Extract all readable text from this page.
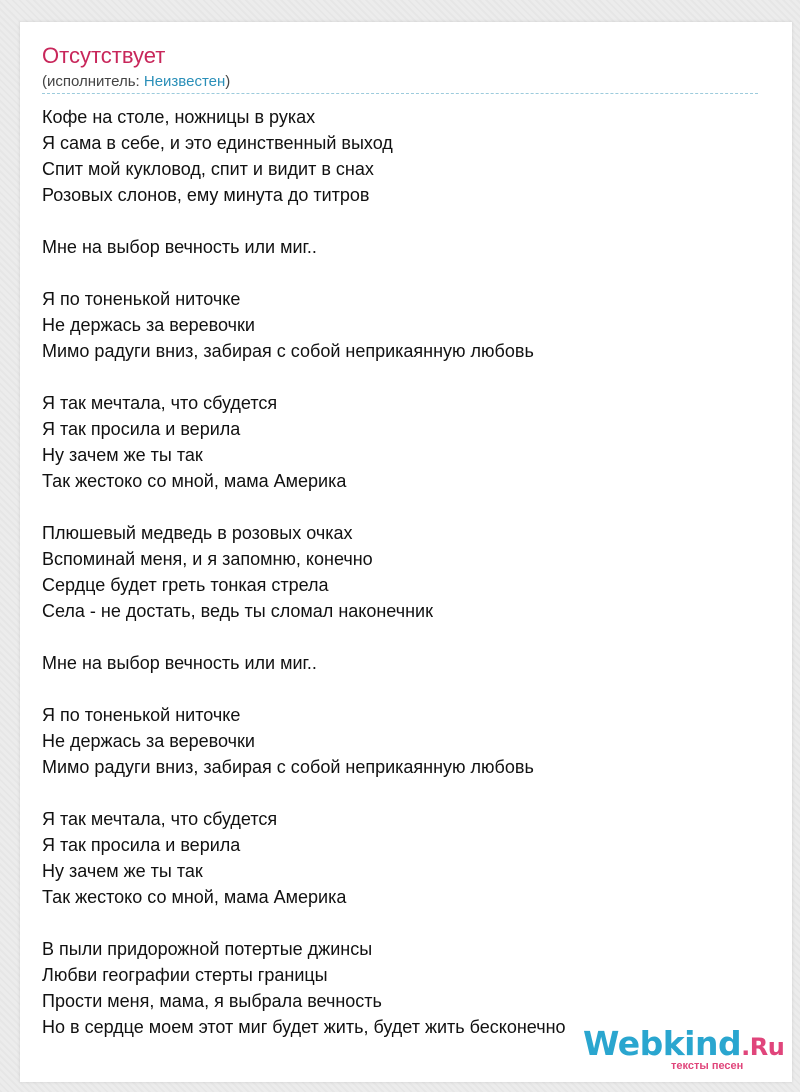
Отсутствует
(исполнитель: Неизвестен)
Кофе на столе, ножницы в руках
Я сама в себе, и это единственный выход
Спит мой кукловод, спит и видит в снах
Розовых слонов, ему минута до титров
Мне на выбор вечность или миг..
Я по тоненькой ниточке
Не держась за веревочки
Мимо радуги вниз, забирая с собой неприкаянную любовь
Я так мечтала, что сбудется
Я так просила и верила
Ну зачем же ты так
Так жестоко со мной, мама Америка
Плюшевый медведь в розовых очках
Вспоминай меня, и я запомню, конечно
Сердце будет греть тонкая стрела
Села - не достать, ведь ты сломал наконечник
Мне на выбор вечность или миг..
Я по тоненькой ниточке
Не держась за веревочки
Мимо радуги вниз, забирая с собой неприкаянную любовь
Я так мечтала, что сбудется
Я так просила и верила
Ну зачем же ты так
Так жестоко со мной, мама Америка
В пыли придорожной потертые джинсы
Любви географии стерты границы
Прости меня, мама, я выбрала вечность
Но в сердце моем этот миг будет жить, будет жить бесконечно Webkind.Ru
тексты песен
